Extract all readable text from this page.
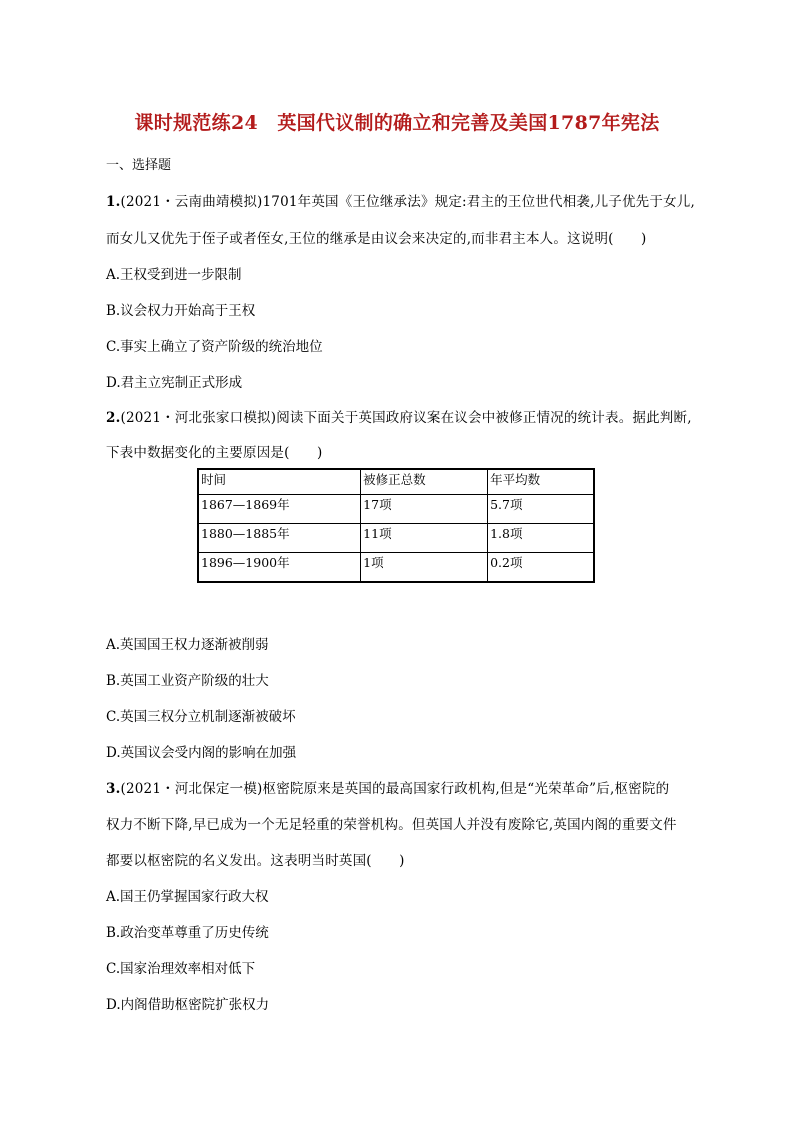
课时规范练24　英国代议制的确立和完善及美国1787年宪法
一、选择题
1.(2021・云南曲靖模拟)1701年英国《王位继承法》规定:君主的王位世代相袭,儿子优先于女儿,
而女儿又优先于侄子或者侄女,王位的继承是由议会来决定的,而非君主本人。这说明(　　)
A.王权受到进一步限制
B.议会权力开始高于王权
C.事实上确立了资产阶级的统治地位
D.君主立宪制正式形成
2.(2021・河北张家口模拟)阅读下面关于英国政府议案在议会中被修正情况的统计表。据此判断,
下表中数据变化的主要原因是(　　)
时间	被修正总数	年平均数
1867—1869年	17项	5.7项
1880—1885年	11项	1.8项
1896—1900年	1项	0.2项
A.英国国王权力逐渐被削弱
B.英国工业资产阶级的壮大
C.英国三权分立机制逐渐被破坏
D.英国议会受内阁的影响在加强
3.(2021・河北保定一模)枢密院原来是英国的最高国家行政机构,但是“光荣革命”后,枢密院的
权力不断下降,早已成为一个无足轻重的荣誉机构。但英国人并没有废除它,英国内阁的重要文件
都要以枢密院的名义发出。这表明当时英国(　　)
A.国王仍掌握国家行政大权
B.政治变革尊重了历史传统
C.国家治理效率相对低下
D.内阁借助枢密院扩张权力
